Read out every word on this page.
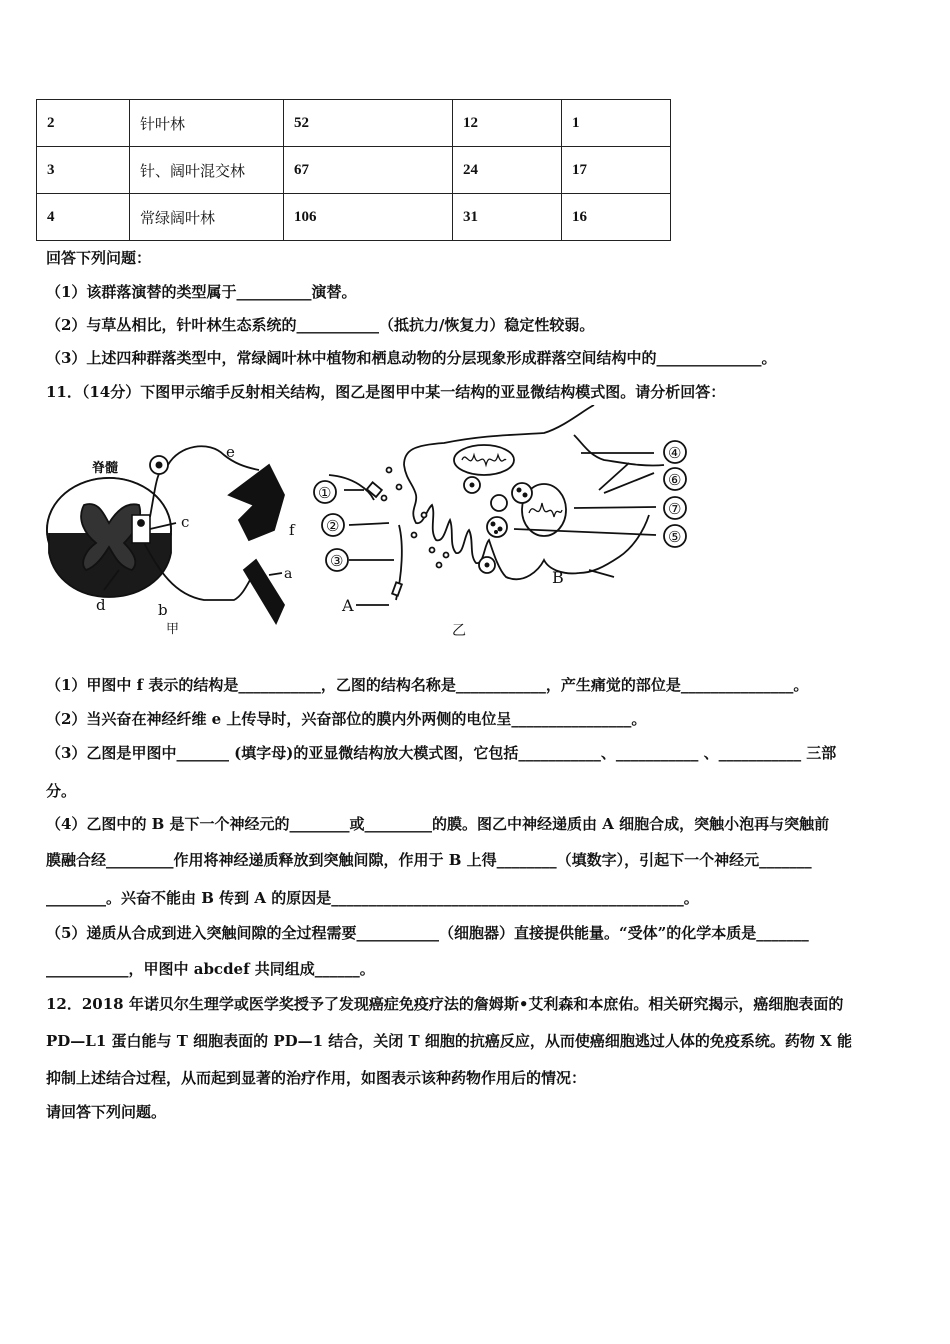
2	针叶林	52	12	1
3	针、阔叶混交林	67	24	17
4	常绿阔叶林	106	31	16
回答下列问题：
（1）该群落演替的类型属于__________演替。
（2）与草丛相比，针叶林生态系统的___________（抵抗力/恢复力）稳定性较弱。
（3）上述四种群落类型中，常绿阔叶林中植物和栖息动物的分层现象形成群落空间结构中的______________。
11．（14分）下图甲示缩手反射相关结构，图乙是图甲中某一结构的亚显微结构模式图。请分析回答：
脊髓
a
b
c
d
e
f
甲
①
②
③
④
⑥
⑦
⑤
A
B
乙
（1）甲图中 f 表示的结构是___________，乙图的结构名称是____________，产生痛觉的部位是_______________。
（2）当兴奋在神经纤维 e 上传导时，兴奋部位的膜内外两侧的电位呈________________。
（3）乙图是甲图中_______ (填字母)的亚显微结构放大模式图，它包括___________、___________ 、___________ 三部
分。
（4）乙图中的 B 是下一个神经元的________或_________的膜。图乙中神经递质由 A 细胞合成，突触小泡再与突触前
膜融合经_________作用将神经递质释放到突触间隙，作用于 B 上得________（填数字），引起下一个神经元_______
________。兴奋不能由 B 传到 A 的原因是_______________________________________________。
（5）递质从合成到进入突触间隙的全过程需要___________（细胞器）直接提供能量。“受体”的化学本质是_______
___________，甲图中 abcdef 共同组成______。
12．2018 年诺贝尔生理学或医学奖授予了发现癌症免疫疗法的詹姆斯•艾利森和本庶佑。相关研究揭示，癌细胞表面的
PD—L1 蛋白能与 T 细胞表面的 PD—1 结合，关闭 T 细胞的抗癌反应，从而使癌细胞逃过人体的免疫系统。药物 X 能
抑制上述结合过程，从而起到显著的治疗作用，如图表示该种药物作用后的情况：
请回答下列问题。
